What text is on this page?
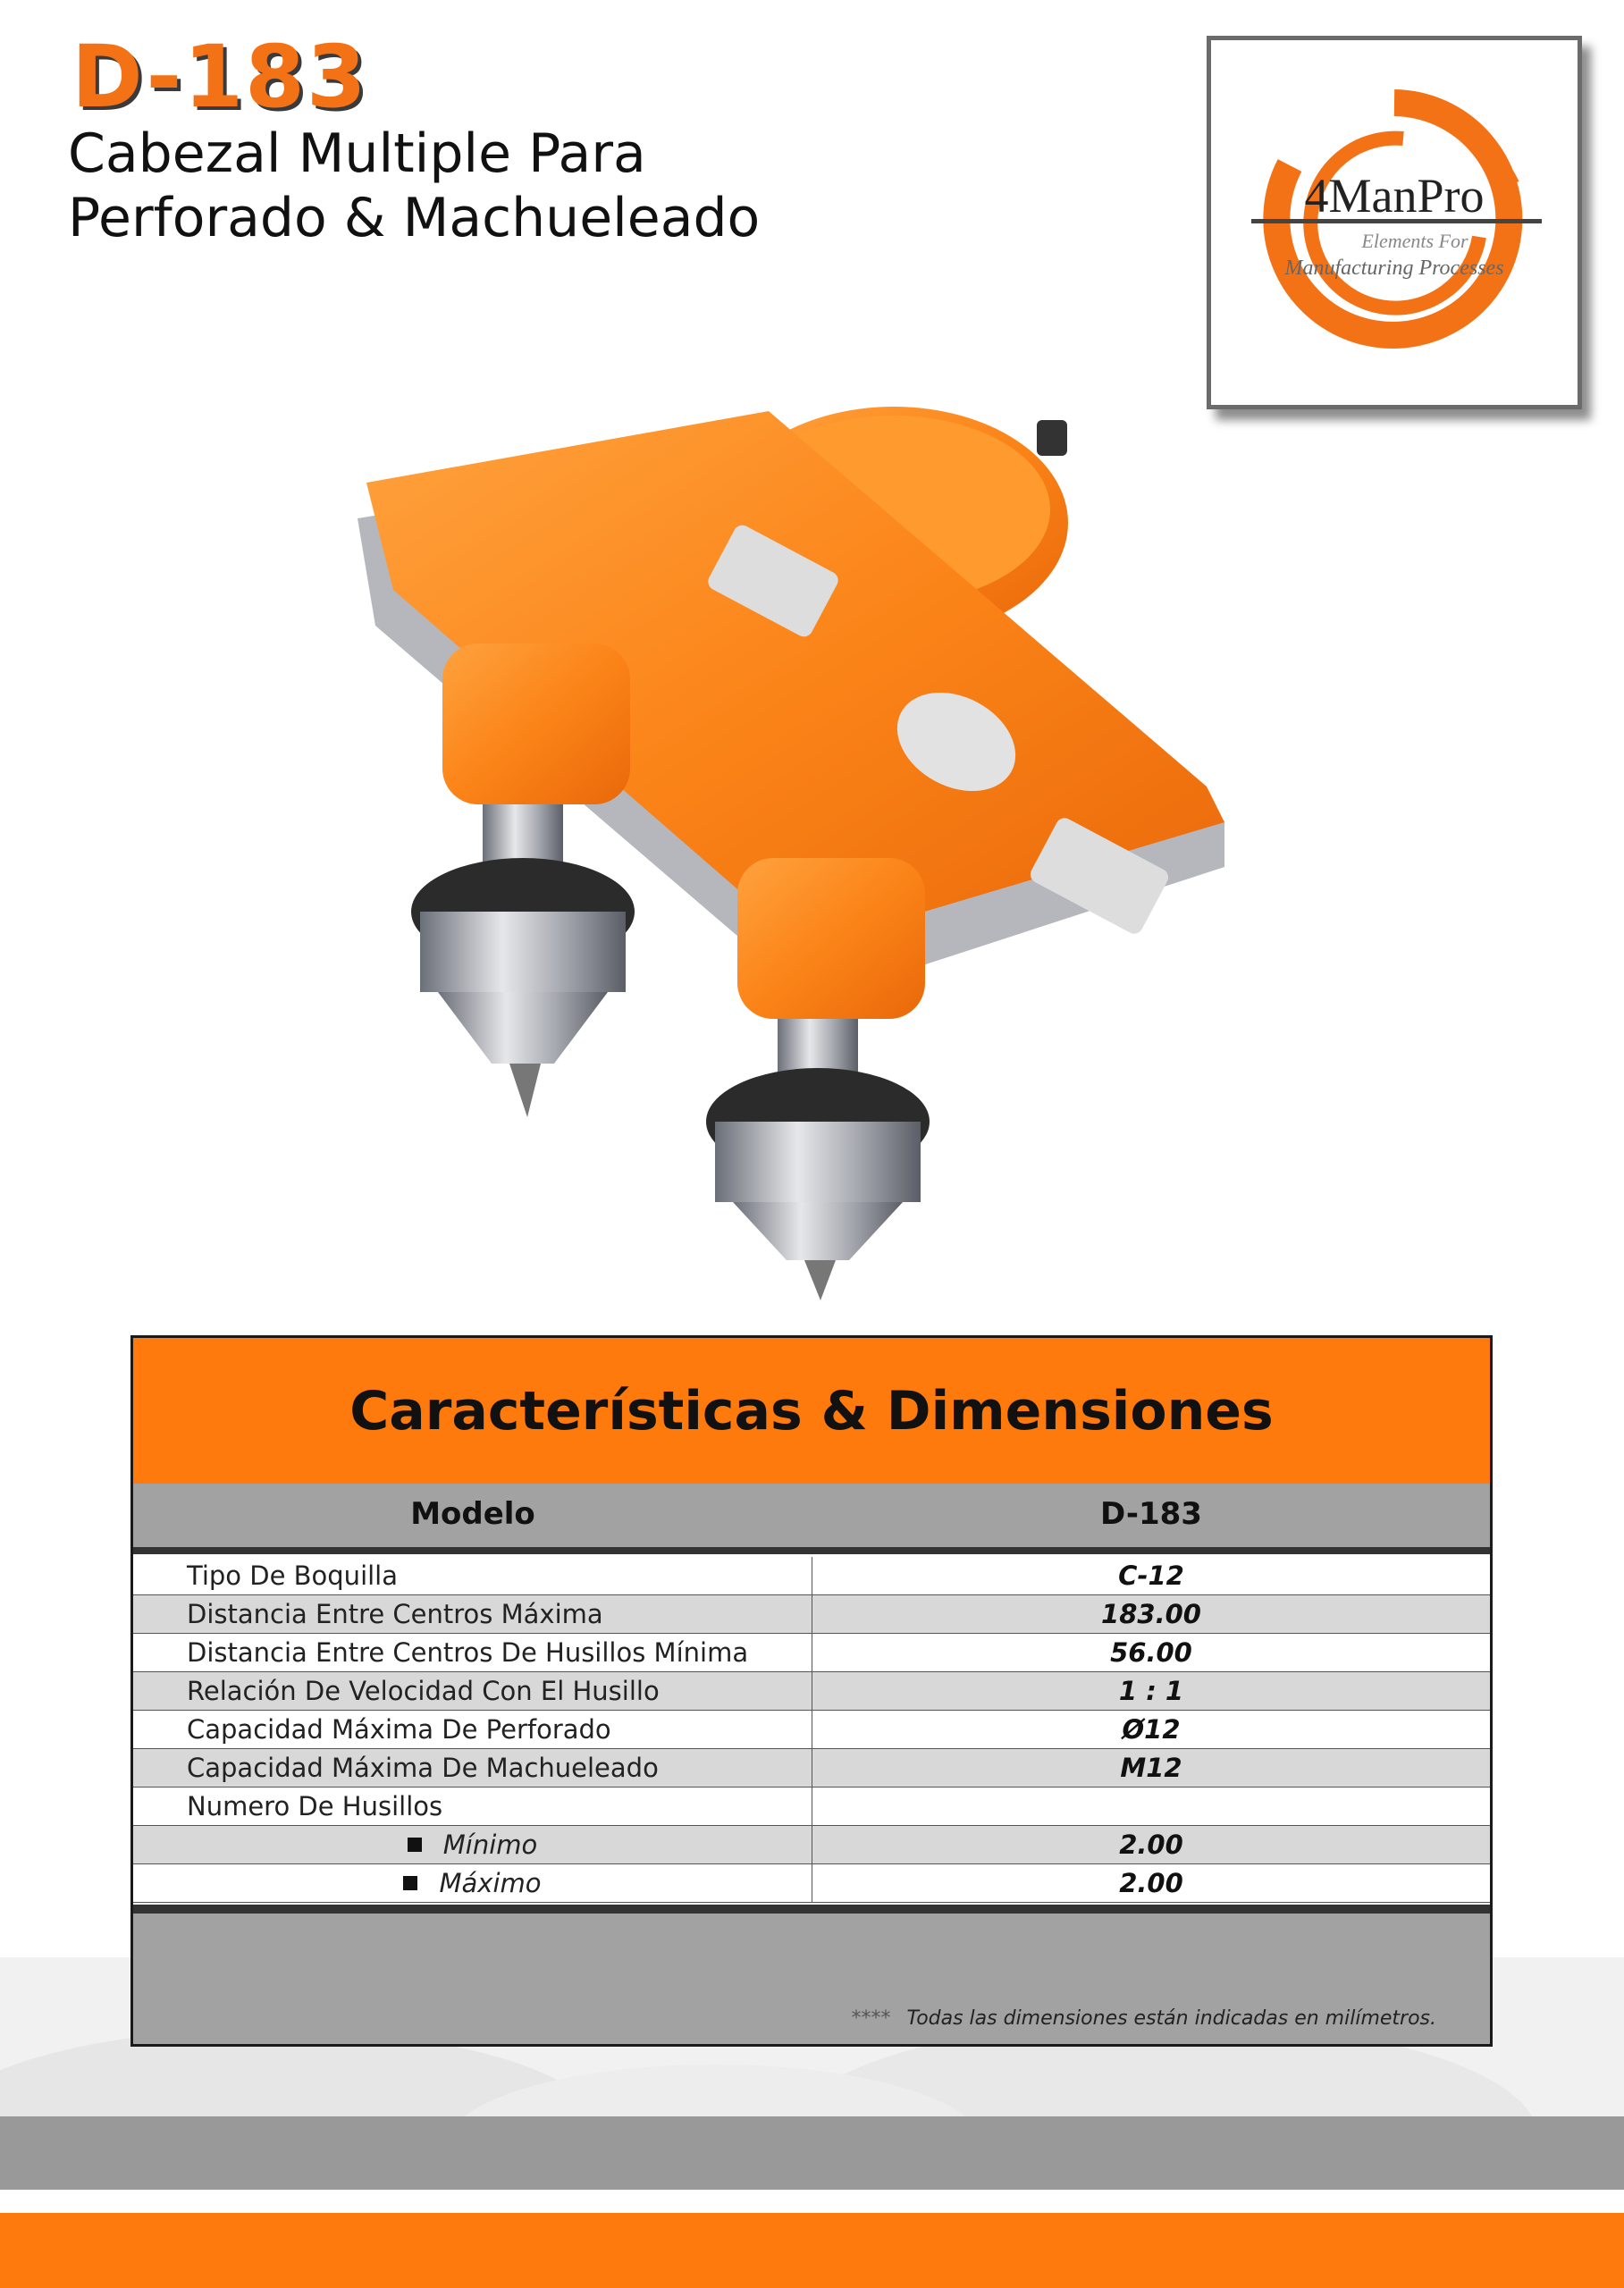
D-183
Cabezal Multiple Para
Perforado & Machueleado	4ManPro
Elements For
Manufacturing Processes
Características & Dimensiones
Modelo	D-183
Tipo De Boquilla	C-12
Distancia Entre Centros Máxima	183.00
Distancia Entre Centros De Husillos Mínima	56.00
Relación De Velocidad Con El Husillo	1 : 1
Capacidad Máxima De Perforado	Ø12
Capacidad Máxima De Machueleado	M12
Numero De Husillos
Mínimo	2.00
Máximo	2.00
**** Todas las dimensiones están indicadas en milímetros.
